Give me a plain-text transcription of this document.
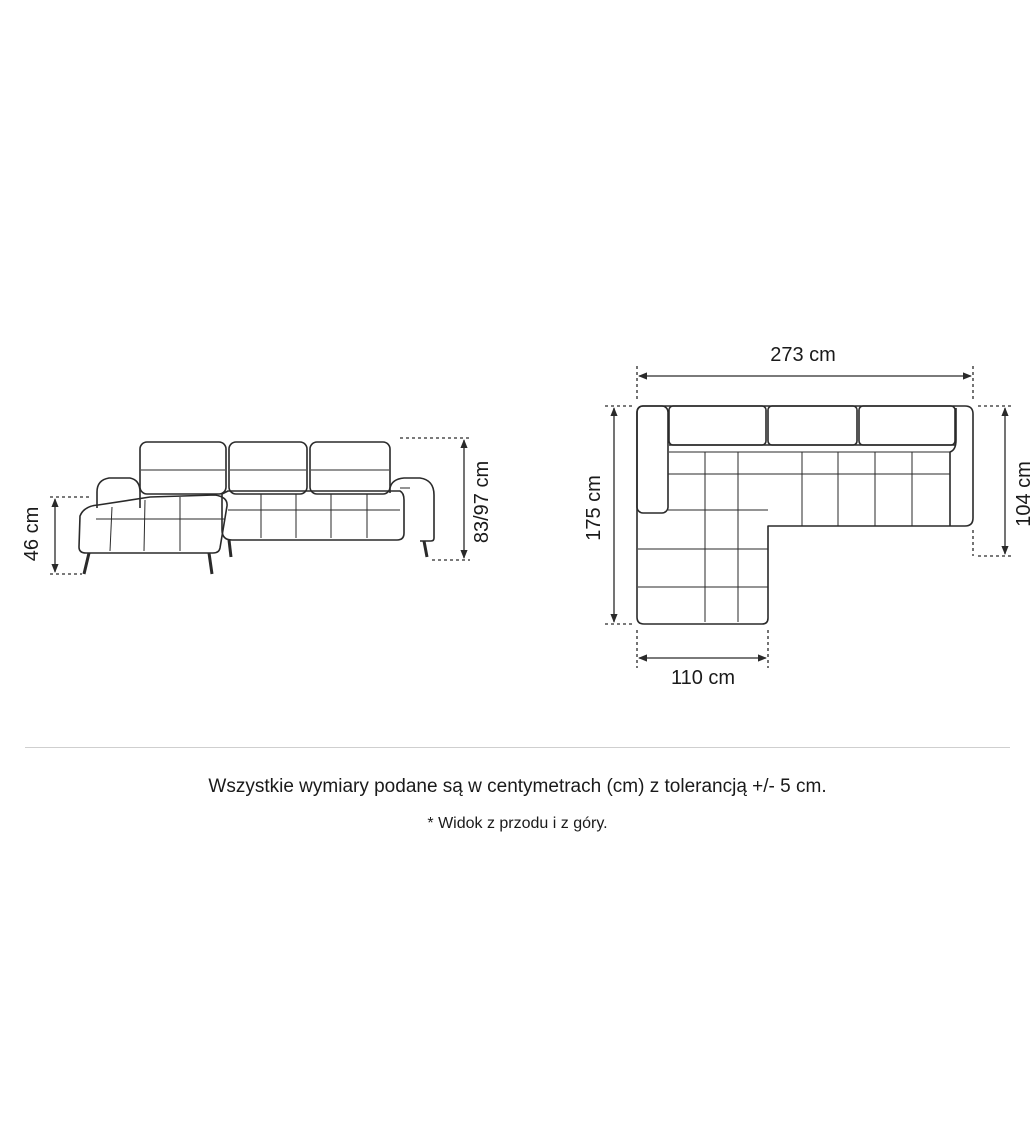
46 cm	83/97 cm
273 cm
175 cm	104 cm
110 cm
Wszystkie wymiary podane są w centymetrach (cm) z tolerancją +/- 5 cm.
* Widok z przodu i z góry.
